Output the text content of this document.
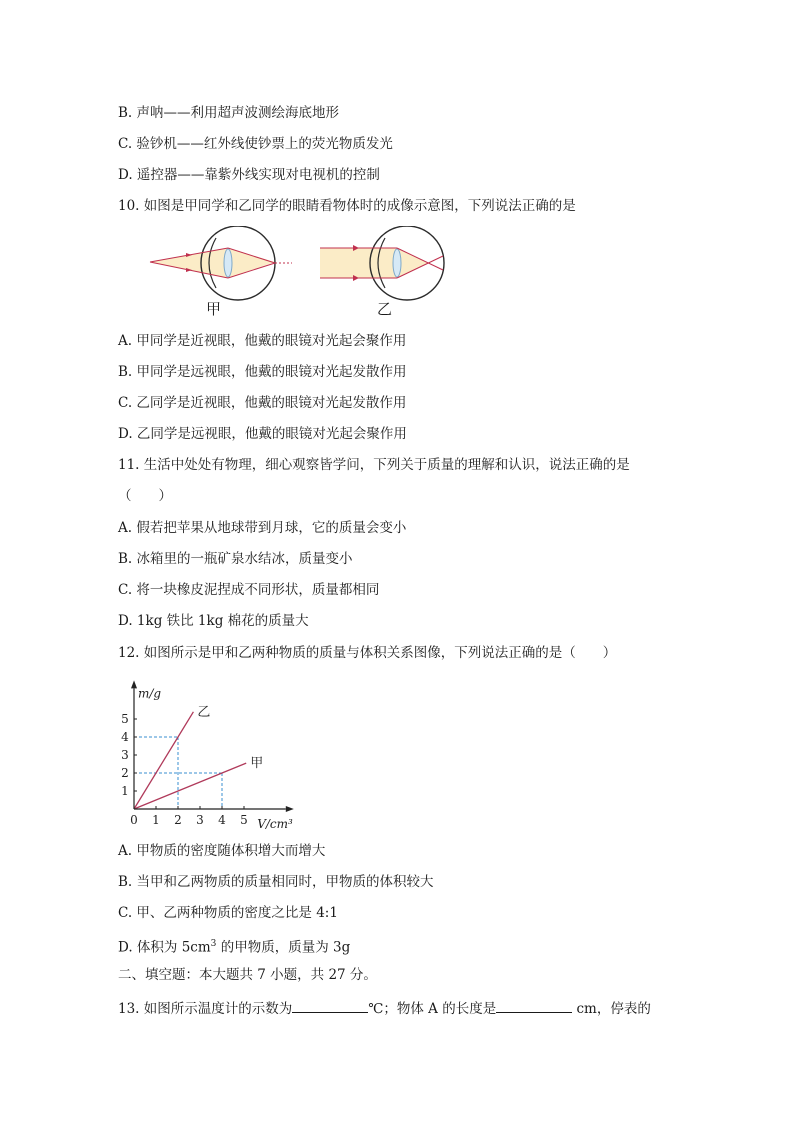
B. 声呐——利用超声波测绘海底地形
C. 验钞机——红外线使钞票上的荧光物质发光
D. 遥控器——靠紫外线实现对电视机的控制
10. 如图是甲同学和乙同学的眼睛看物体时的成像示意图，下列说法正确的是
甲	乙
A. 甲同学是近视眼，他戴的眼镜对光起会聚作用
B. 甲同学是远视眼，他戴的眼镜对光起发散作用
C. 乙同学是近视眼，他戴的眼镜对光起发散作用
D. 乙同学是远视眼，他戴的眼镜对光起会聚作用
11. 生活中处处有物理，细心观察皆学问，下列关于质量的理解和认识，说法正确的是
（　　）
A. 假若把苹果从地球带到月球，它的质量会变小
B. 冰箱里的一瓶矿泉水结冰，质量变小
C. 将一块橡皮泥捏成不同形状，质量都相同
D. 1kg 铁比 1kg 棉花的质量大
12. 如图所示是甲和乙两种物质的质量与体积关系图像，下列说法正确的是（　　）
0 1 2 3 4 5
1
2
3
4
5
m/g
V/cm³
乙
甲
A. 甲物质的密度随体积增大而增大
B. 当甲和乙两物质的质量相同时，甲物质的体积较大
C. 甲、乙两种物质的密度之比是 4:1
D. 体积为 $5cm^3$ 的甲物质，质量为 3g
二、填空题：本大题共 7 小题，共 27 分。
13. 如图所示温度计的示数为	℃；物体 A 的长度是	cm，停表的
